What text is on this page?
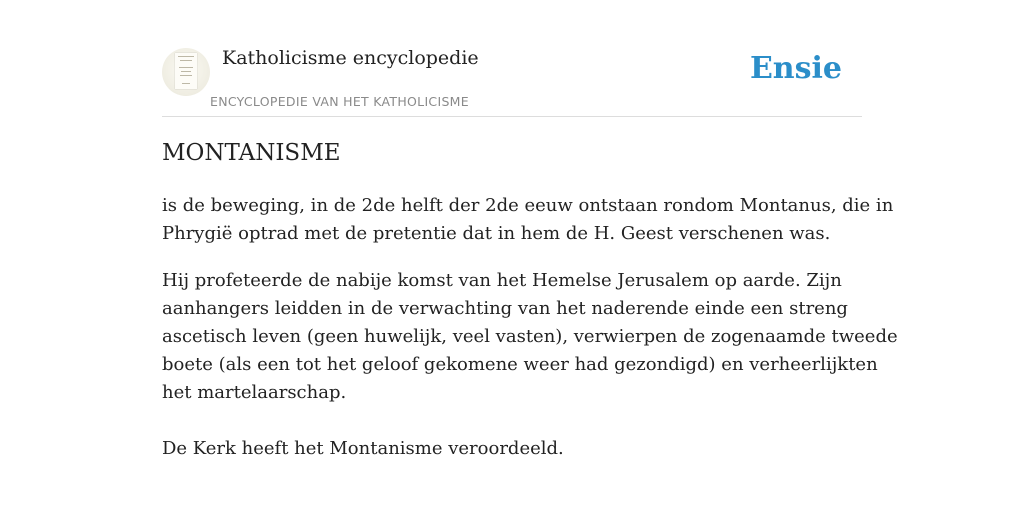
Katholicisme encyclopedie
ENCYCLOPEDIE VAN HET KATHOLICISME
Ensie
MONTANISME

is de beweging, in de 2de helft der 2de eeuw ontstaan rondom Montanus, die in
Phrygië optrad met de pretentie dat in hem de H. Geest verschenen was.

Hij profeteerde de nabije komst van het Hemelse Jerusalem op aarde. Zijn
aanhangers leidden in de verwachting van het naderende einde een streng
ascetisch leven (geen huwelijk, veel vasten), verwierpen de zogenaamde tweede
boete (als een tot het geloof gekomene weer had gezondigd) en verheerlijkten
het martelaarschap.

De Kerk heeft het Montanisme veroordeeld.
